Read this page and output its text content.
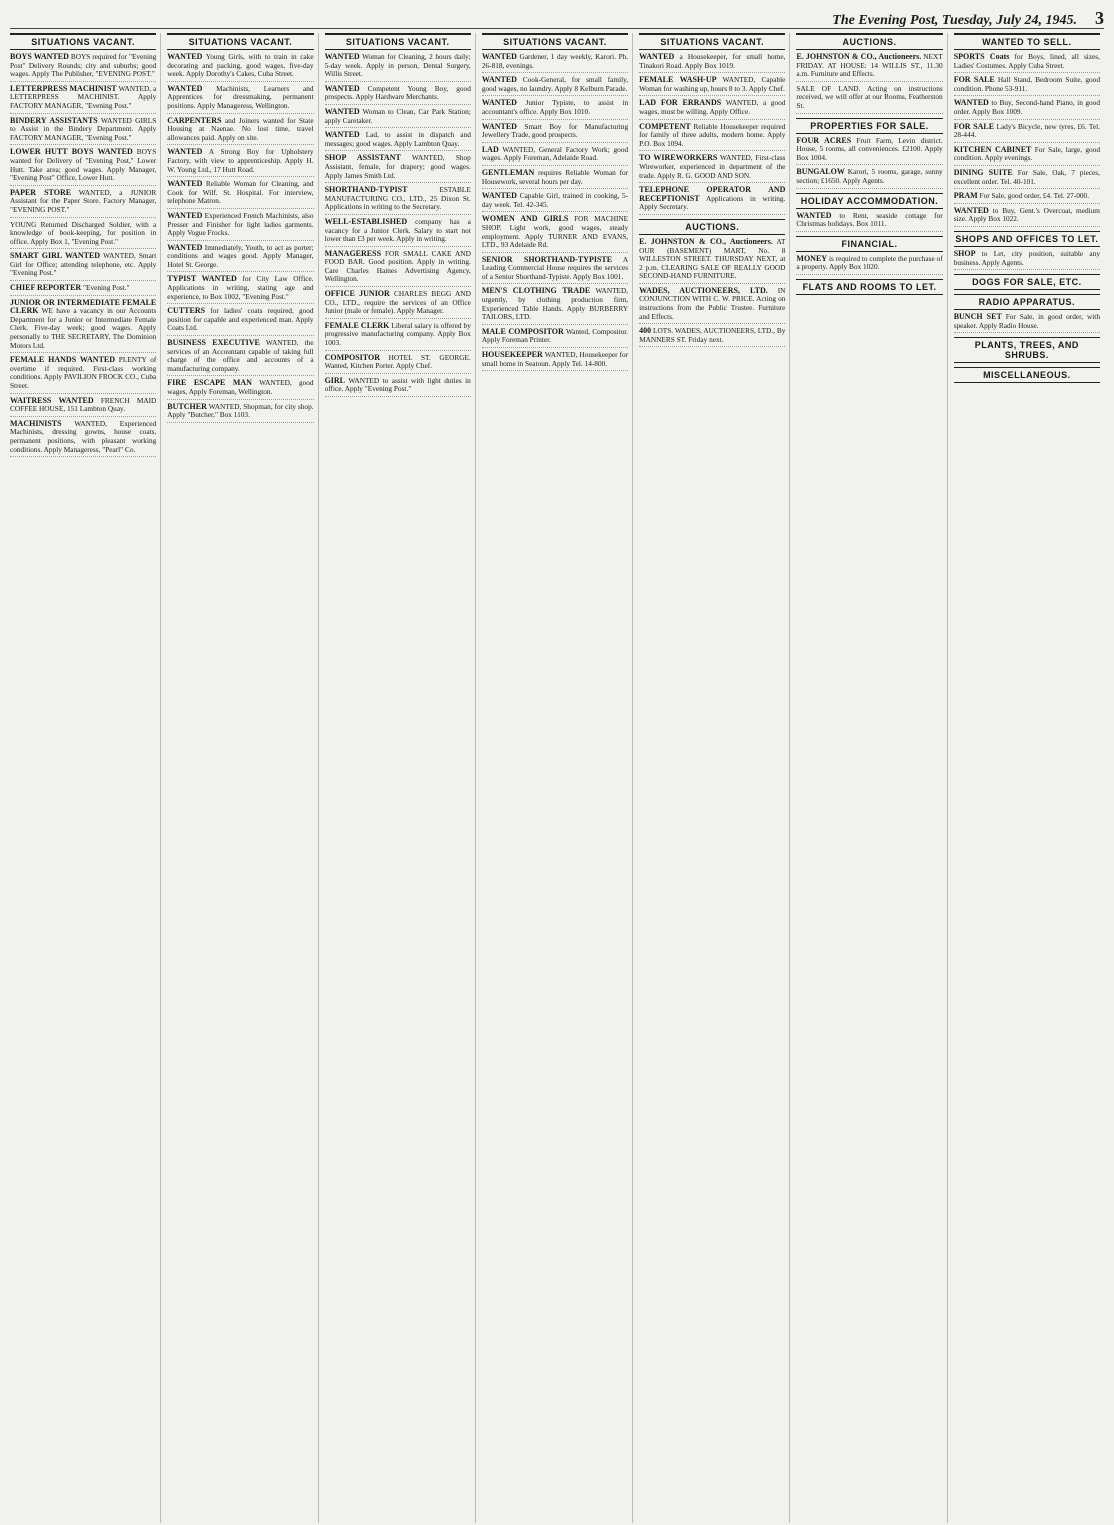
The Evening Post, Tuesday, July 24, 1945. 3
SITUATIONS VACANT.

BOYS WANTED BOYS required for "Evening Post" Delivery Rounds; city and suburbs; good wages. Apply The Publisher, "EVENING POST."

LETTERPRESS MACHINIST WANTED, a LETTERPRESS MACHINIST. Apply FACTORY MANAGER, "Evening Post."

BINDERY ASSISTANTS WANTED GIRLS to Assist in the Bindery Department. Apply FACTORY MANAGER, "Evening Post."

LOWER HUTT BOYS WANTED BOYS wanted for Delivery of "Evening Post," Lower Hutt. Take area; good wages. Apply Manager, "Evening Post" Office, Lower Hutt.

PAPER STORE WANTED, a JUNIOR Assistant for the Paper Store. Factory Manager, "EVENING POST."

YOUNG Returned Discharged Soldier, with a knowledge of book-keeping, for position in office. Apply Box 1, "Evening Post."

SMART GIRL WANTED WANTED, Smart Girl for Office; attending telephone, etc. Apply "Evening Post."

CHIEF REPORTER "Evening Post."

JUNIOR OR INTERMEDIATE FEMALE CLERK WE have a vacancy in our Accounts Department for a Junior or Intermediate Female Clerk. Five-day week; good wages. Apply personally to THE SECRETARY, The Dominion Motors Ltd.

FEMALE HANDS WANTED PLENTY of overtime if required. First-class working conditions. Apply PAVILION FROCK CO., Cuba Street.

WAITRESS WANTED FRENCH MAID COFFEE HOUSE, 151 Lambton Quay.

MACHINISTS WANTED, Experienced Machinists, dressing gowns, house coats, permanent positions, with pleasant working conditions. Apply Manageress, "Pearl" Co.

SITUATIONS VACANT.

WANTED Young Girls, with to train in cake decorating and packing, good wages, five-day week. Apply Dorothy's Cakes, Cuba Street.

WANTED Machinists, Learners and Apprentices for dressmaking, permanent positions. Apply Manageress, Wellington.

CARPENTERS and Joiners wanted for State Housing at Naenae. No lost time, travel allowances paid. Apply on site.

WANTED A Strong Boy for Upholstery Factory, with view to apprenticeship. Apply H. W. Young Ltd., 17 Hutt Road.

WANTED Reliable Woman for Cleaning, and Cook for Wilf. St. Hospital. For interview, telephone Matron.

WANTED Experienced French Machinists, also Presser and Finisher for light ladies garments. Apply Vogue Frocks.

WANTED Immediately, Youth, to act as porter; conditions and wages good. Apply Manager, Hotel St. George.

TYPIST WANTED for City Law Office. Applications in writing, stating age and experience, to Box 1002, "Evening Post."

CUTTERS for ladies' coats required, good position for capable and experienced man. Apply Coats Ltd.

BUSINESS EXECUTIVE WANTED, the services of an Accountant capable of taking full charge of the office and accounts of a manufacturing company.

FIRE ESCAPE MAN WANTED, good wages, Apply Foreman, Wellington.

BUTCHER WANTED, Shopman, for city shop. Apply "Butcher," Box 1103.

SITUATIONS VACANT.

WANTED Woman for Cleaning, 2 hours daily; 5-day week. Apply in person, Dental Surgery, Willis Street.

WANTED Competent Young Boy, good prospects. Apply Hardware Merchants.

WANTED Woman to Clean, Car Park Station; apply Caretaker.

WANTED Lad, to assist in dispatch and messages; good wages. Apply Lambton Quay.

SHOP ASSISTANT WANTED, Shop Assistant, female, for drapery; good wages. Apply James Smith Ltd.

SHORTHAND-TYPIST	ESTABLE MANUFACTURING CO., LTD., 25 Dixon St. Applications in writing to the Secretary.

WELL-ESTABLISHED company has a vacancy for a Junior Clerk. Salary to start not lower than £3 per week. Apply in writing.

MANAGERESS FOR SMALL CAKE AND FOOD BAR. Good position. Apply in writing. Care Charles Haines Advertising Agency, Wellington.

OFFICE JUNIOR CHARLES BEGG AND CO., LTD., require the services of an Office Junior (male or female). Apply Manager.

FEMALE CLERK Liberal salary is offered by progressive manufacturing company. Apply Box 1003.

COMPOSITOR HOTEL ST. GEORGE. Wanted, Kitchen Porter. Apply Chef.

GIRL WANTED to assist with light duties in office. Apply "Evening Post."

SITUATIONS VACANT.

WANTED Gardener, 1 day weekly, Karori. Ph. 26-818, evenings.

WANTED Cook-General, for small family, good wages, no laundry. Apply 8 Kelburn Parade.

WANTED Junior Typiste, to assist in accountant's office. Apply Box 1010.

WANTED Smart Boy for Manufacturing Jewellery Trade, good prospects.

LAD WANTED, General Factory Work; good wages. Apply Foreman, Adelaide Road.

GENTLEMAN requires Reliable Woman for Housework, several hours per day.

WANTED Capable Girl, trained in cooking, 5-day week. Tel. 42-345.

WOMEN AND GIRLS FOR MACHINE SHOP. Light work, good wages, steady employment. Apply TURNER AND EVANS, LTD., 93 Adelaide Rd.

SENIOR SHORTHAND-TYPISTE A Leading Commercial House requires the services of a Senior Shorthand-Typiste. Apply Box 1001.

MEN'S CLOTHING TRADE WANTED, urgently, by clothing production firm, Experienced Table Hands. Apply BURBERRY TAILORS, LTD.

MALE COMPOSITOR Wanted, Compositor. Apply Foreman Printer.

HOUSEKEEPER WANTED, Housekeeper for small home in Seatoun. Apply Tel. 14-800.

SITUATIONS VACANT.

WANTED a Housekeeper, for small home, Tinakori Road. Apply Box 1019.

FEMALE WASH-UP WANTED, Capable Woman for washing up, hours 8 to 3. Apply Chef.

LAD FOR ERRANDS WANTED, a good wages, must be willing. Apply Office.

COMPETENT Reliable Housekeeper required for family of three adults, modern home. Apply P.O. Box 1094.

TO WIREWORKERS WANTED, First-class Wireworker, experienced in department of the trade. Apply R. G. GOOD AND SON.

TELEPHONE OPERATOR AND RECEPTIONIST Applications in writing. Apply Secretary.

AUCTIONS.

E. JOHNSTON & CO., Auctioneers. AT OUR (BASEMENT) MART, No. 8 WILLESTON STREET. THURSDAY NEXT, at 2 p.m. CLEARING SALE OF REALLY GOOD SECOND-HAND FURNITURE.

WADES, AUCTIONEERS, LTD. IN CONJUNCTION WITH C. W. PRICE. Acting on instructions from the Public Trustee. Furniture and Effects.

400 LOTS. WADES, AUCTIONEERS, LTD., By MANNERS ST. Friday next.

AUCTIONS.

E. JOHNSTON & CO., Auctioneers. NEXT FRIDAY. AT HOUSE: 14 WILLIS ST., 11.30 a.m. Furniture and Effects.

SALE OF LAND. Acting on instructions received, we will offer at our Rooms, Featherston St.

PROPERTIES FOR SALE.

FOUR ACRES Fruit Farm, Levin district. House, 5 rooms, all conveniences. £2100. Apply Box 1004.

BUNGALOW Karori, 5 rooms, garage, sunny section; £1650. Apply Agents.

HOLIDAY ACCOMMODATION.

WANTED to Rent, seaside cottage for Christmas holidays. Box 1011.

FINANCIAL.

MONEY is required to complete the purchase of a property. Apply Box 1020.

FLATS AND ROOMS TO LET.
WANTED TO SELL.

SPORTS Coats for Boys, lined, all sizes, Ladies' Costumes. Apply Cuba Street.

FOR SALE Hall Stand, Bedroom Suite, good condition. Phone 53-911.

WANTED to Buy, Second-hand Piano, in good order. Apply Box 1009.

FOR SALE Lady's Bicycle, new tyres, £6. Tel. 28-444.

KITCHEN CABINET For Sale, large, good condition. Apply evenings.

DINING SUITE For Sale, Oak, 7 pieces, excellent order. Tel. 40-101.

PRAM For Sale, good order, £4. Tel. 27-000.

WANTED to Buy, Gent.'s Overcoat, medium size. Apply Box 1022.

SHOPS AND OFFICES TO LET.

SHOP to Let, city position, suitable any business. Apply Agents.

DOGS FOR SALE, ETC.
RADIO APPARATUS.

BUNCH SET For Sale, in good order, with speaker. Apply Radio House.

PLANTS, TREES, AND SHRUBS.
MISCELLANEOUS.
